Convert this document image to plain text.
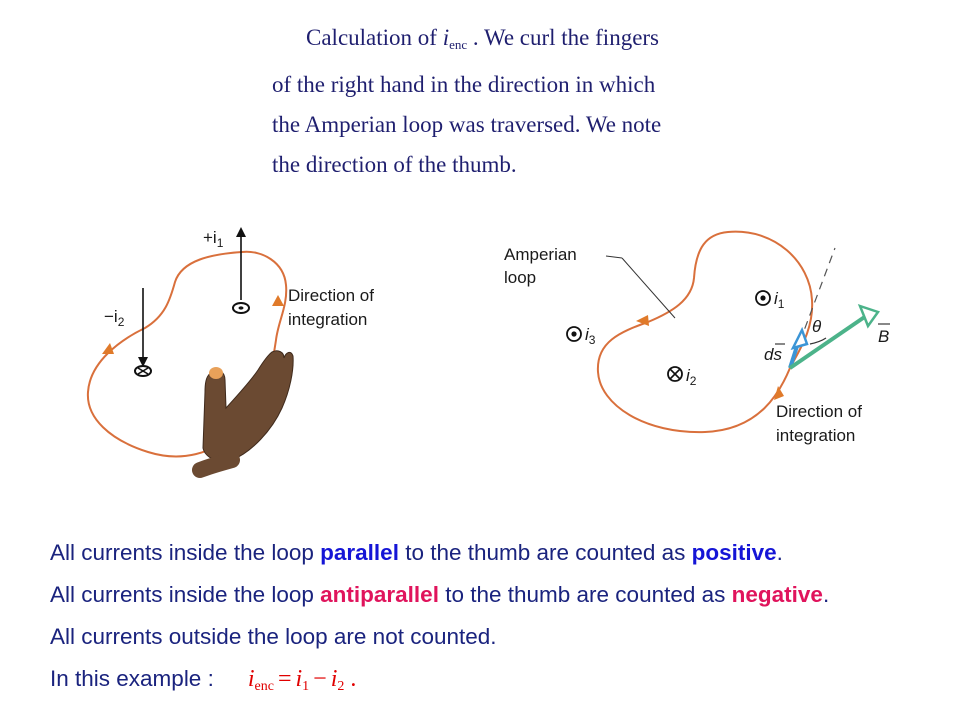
Calculation of $i_{enc}$ . We curl the fingers
of the right hand in the direction in which
the Amperian loop was traversed. We note
the direction of the thumb.
$+i_1$
$-i_2$
Direction of integration
Amperian loop
$i_1$
$i_2$
$i_3$
θ
ds
B
Direction of integration
All currents inside the loop parallel to the thumb are counted as positive.
All currents inside the loop antiparallel to the thumb are counted as negative.
All currents outside the loop are not counted.
In this example : $i_{enc} = i_1 - i_2$ .
